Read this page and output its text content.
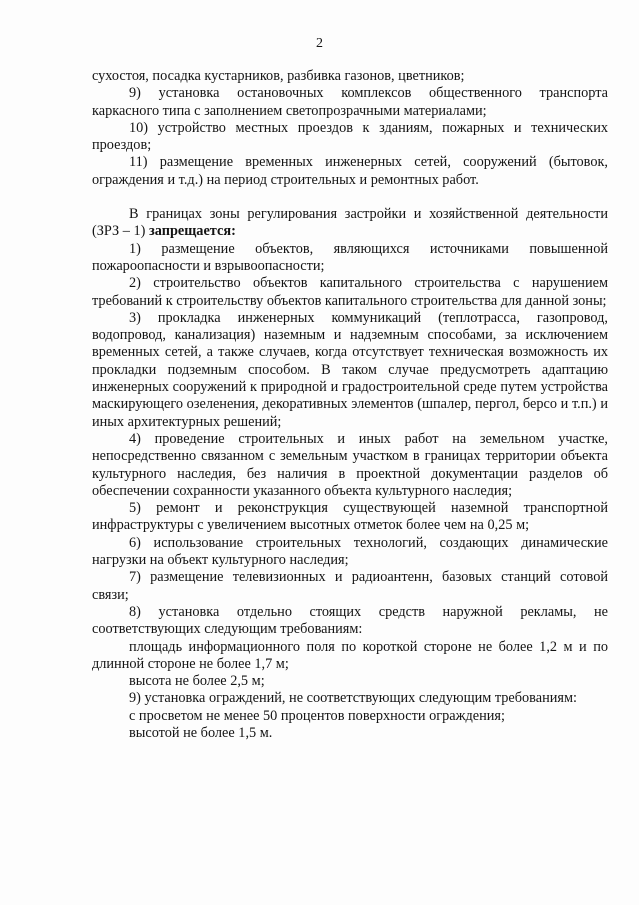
2

сухостоя, посадка кустарников, разбивка газонов, цветников;

9) установка остановочных комплексов общественного транспорта каркасного типа с заполнением светопрозрачными материалами;

10) устройство местных проездов к зданиям, пожарных и технических проездов;

11) размещение временных инженерных сетей, сооружений (бытовок, ограждения и т.д.) на период строительных и ремонтных работ.

В границах зоны регулирования застройки и хозяйственной деятельности (ЗРЗ – 1) запрещается:

1) размещение объектов, являющихся источниками повышенной пожароопасности и взрывоопасности;

2) строительство объектов капитального строительства с нарушением требований к строительству объектов капитального строительства для данной зоны;

3) прокладка инженерных коммуникаций (теплотрасса, газопровод, водопровод, канализация) наземным и надземным способами, за исключением временных сетей, а также случаев, когда отсутствует техническая возможность их прокладки подземным способом. В таком случае предусмотреть адаптацию инженерных сооружений к природной и градостроительной среде путем устройства маскирующего озеленения, декоративных элементов (шпалер, пергол, берсо и т.п.) и иных архитектурных решений;

4) проведение строительных и иных работ на земельном участке, непосредственно связанном с земельным участком в границах территории объекта культурного наследия, без наличия в проектной документации разделов об обеспечении сохранности указанного объекта культурного наследия;

5) ремонт и реконструкция существующей наземной транспортной инфраструктуры с увеличением высотных отметок более чем на 0,25 м;

6) использование строительных технологий, создающих динамические нагрузки на объект культурного наследия;

7) размещение телевизионных и радиоантенн, базовых станций сотовой связи;

8) установка отдельно стоящих средств наружной рекламы, не соответствующих следующим требованиям:

площадь информационного поля по короткой стороне не более 1,2 м и по длинной стороне не более 1,7 м;

высота не более 2,5 м;

9) установка ограждений, не соответствующих следующим требованиям:

с просветом не менее 50 процентов поверхности ограждения;

высотой не более 1,5 м.
